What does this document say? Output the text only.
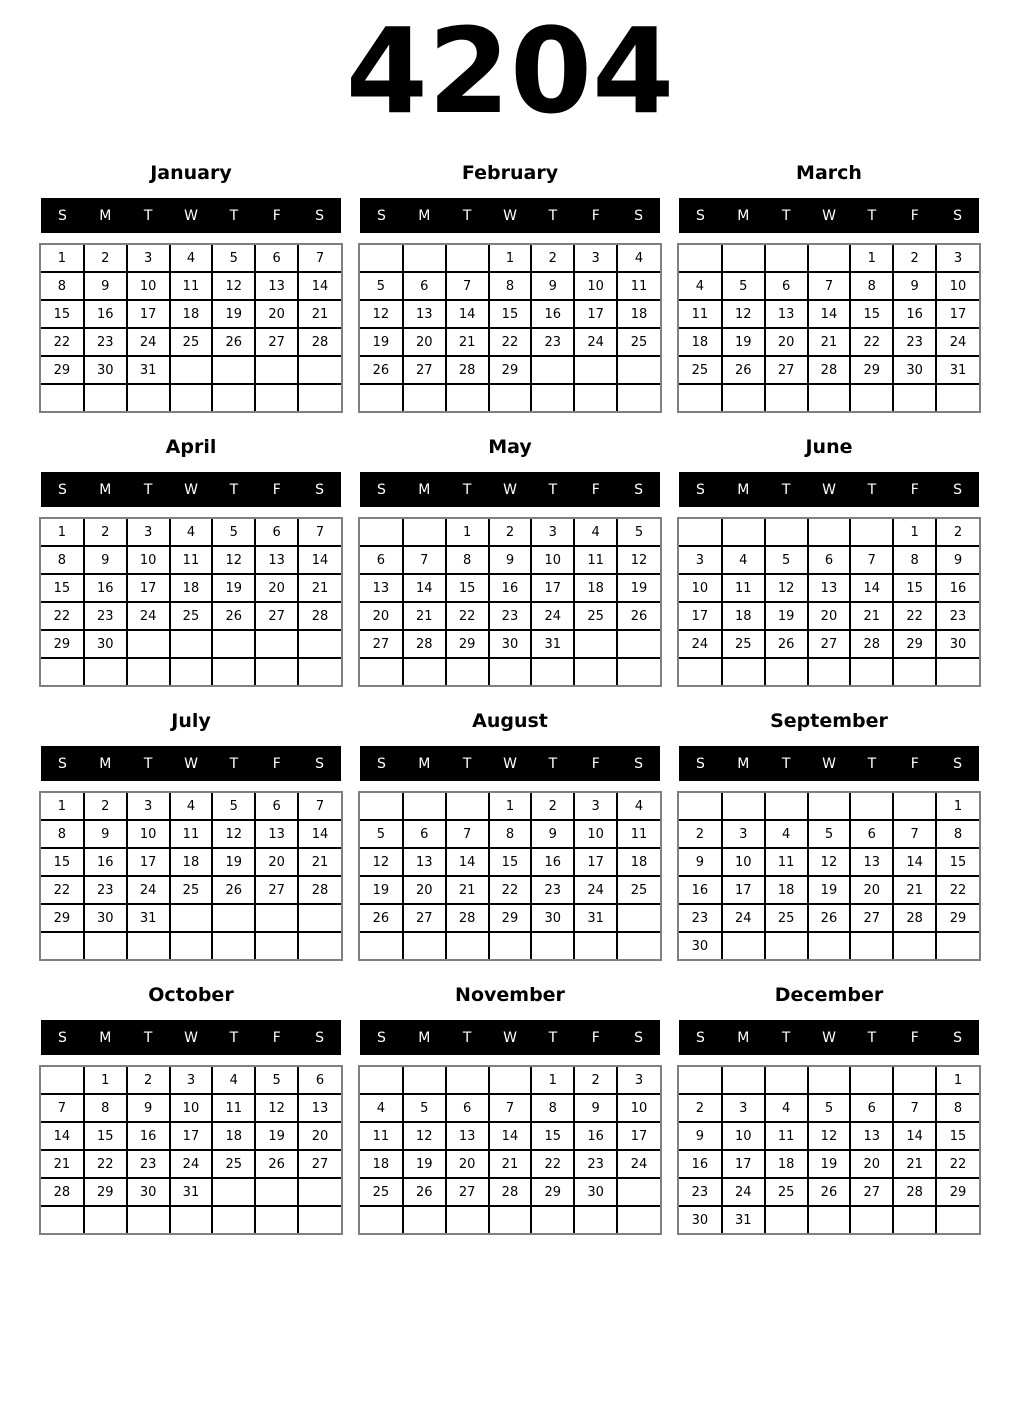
4204
January
S	M	T	W	T	F	S
1	2	3	4	5	6	7
8	9	10	11	12	13	14
15	16	17	18	19	20	21
22	23	24	25	26	27	28
29	30	31				

February
S	M	T	W	T	F	S
			1	2	3	4
5	6	7	8	9	10	11
12	13	14	15	16	17	18
19	20	21	22	23	24	25
26	27	28	29			

March
S	M	T	W	T	F	S
				1	2	3
4	5	6	7	8	9	10
11	12	13	14	15	16	17
18	19	20	21	22	23	24
25	26	27	28	29	30	31

April
S	M	T	W	T	F	S
1	2	3	4	5	6	7
8	9	10	11	12	13	14
15	16	17	18	19	20	21
22	23	24	25	26	27	28
29	30					

May
S	M	T	W	T	F	S
		1	2	3	4	5
6	7	8	9	10	11	12
13	14	15	16	17	18	19
20	21	22	23	24	25	26
27	28	29	30	31		

June
S	M	T	W	T	F	S
					1	2
3	4	5	6	7	8	9
10	11	12	13	14	15	16
17	18	19	20	21	22	23
24	25	26	27	28	29	30

July
S	M	T	W	T	F	S
1	2	3	4	5	6	7
8	9	10	11	12	13	14
15	16	17	18	19	20	21
22	23	24	25	26	27	28
29	30	31				

August
S	M	T	W	T	F	S
			1	2	3	4
5	6	7	8	9	10	11
12	13	14	15	16	17	18
19	20	21	22	23	24	25
26	27	28	29	30	31	

September
S	M	T	W	T	F	S
						1
2	3	4	5	6	7	8
9	10	11	12	13	14	15
16	17	18	19	20	21	22
23	24	25	26	27	28	29
30						
October
S	M	T	W	T	F	S
	1	2	3	4	5	6
7	8	9	10	11	12	13
14	15	16	17	18	19	20
21	22	23	24	25	26	27
28	29	30	31			

November
S	M	T	W	T	F	S
				1	2	3
4	5	6	7	8	9	10
11	12	13	14	15	16	17
18	19	20	21	22	23	24
25	26	27	28	29	30	

December
S	M	T	W	T	F	S
						1
2	3	4	5	6	7	8
9	10	11	12	13	14	15
16	17	18	19	20	21	22
23	24	25	26	27	28	29
30	31					
